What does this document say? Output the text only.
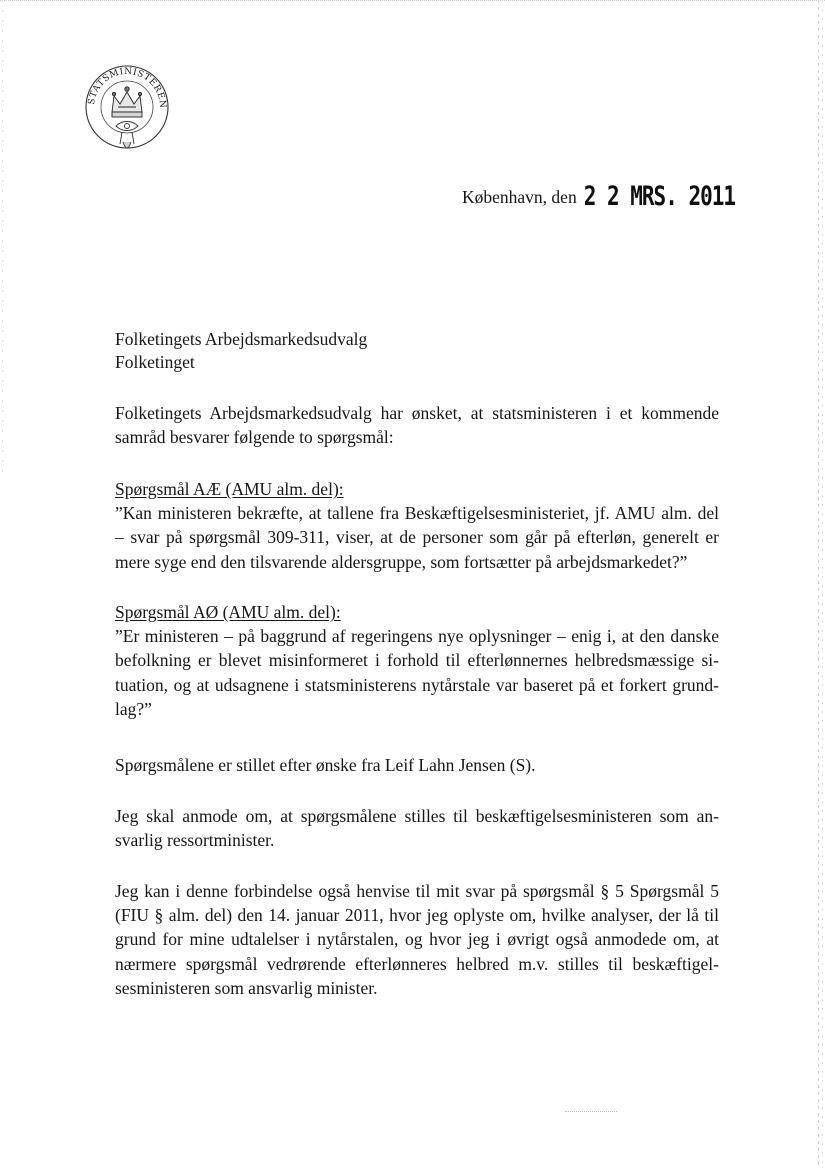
STATSMINISTEREN
København, den 2 2 MRS. 2011
Folketingets Arbejdsmarkedsudvalg
Folketinget
Folketingets Arbejdsmarkedsudvalg har ønsket, at statsministeren i et kommende
samråd besvarer følgende to spørgsmål:
Spørgsmål AÆ (AMU alm. del):
”Kan ministeren bekræfte, at tallene fra Beskæftigelsesministeriet, jf. AMU alm. del
– svar på spørgsmål 309-311, viser, at de personer som går på efterløn, generelt er
mere syge end den tilsvarende aldersgruppe, som fortsætter på arbejdsmarkedet?”
Spørgsmål AØ (AMU alm. del):
”Er ministeren – på baggrund af regeringens nye oplysninger – enig i, at den danske
befolkning er blevet misinformeret i forhold til efterlønnernes helbredsmæssige si-
tuation, og at udsagnene i statsministerens nytårstale var baseret på et forkert grund-
lag?”
Spørgsmålene er stillet efter ønske fra Leif Lahn Jensen (S).
Jeg skal anmode om, at spørgsmålene stilles til beskæftigelsesministeren som an-
svarlig ressortminister.
Jeg kan i denne forbindelse også henvise til mit svar på spørgsmål § 5 Spørgsmål 5
(FIU § alm. del) den 14. januar 2011, hvor jeg oplyste om, hvilke analyser, der lå til
grund for mine udtalelser i nytårstalen, og hvor jeg i øvrigt også anmodede om, at
nærmere spørgsmål vedrørende efterlønneres helbred m.v. stilles til beskæftigel-
sesministeren som ansvarlig minister.
